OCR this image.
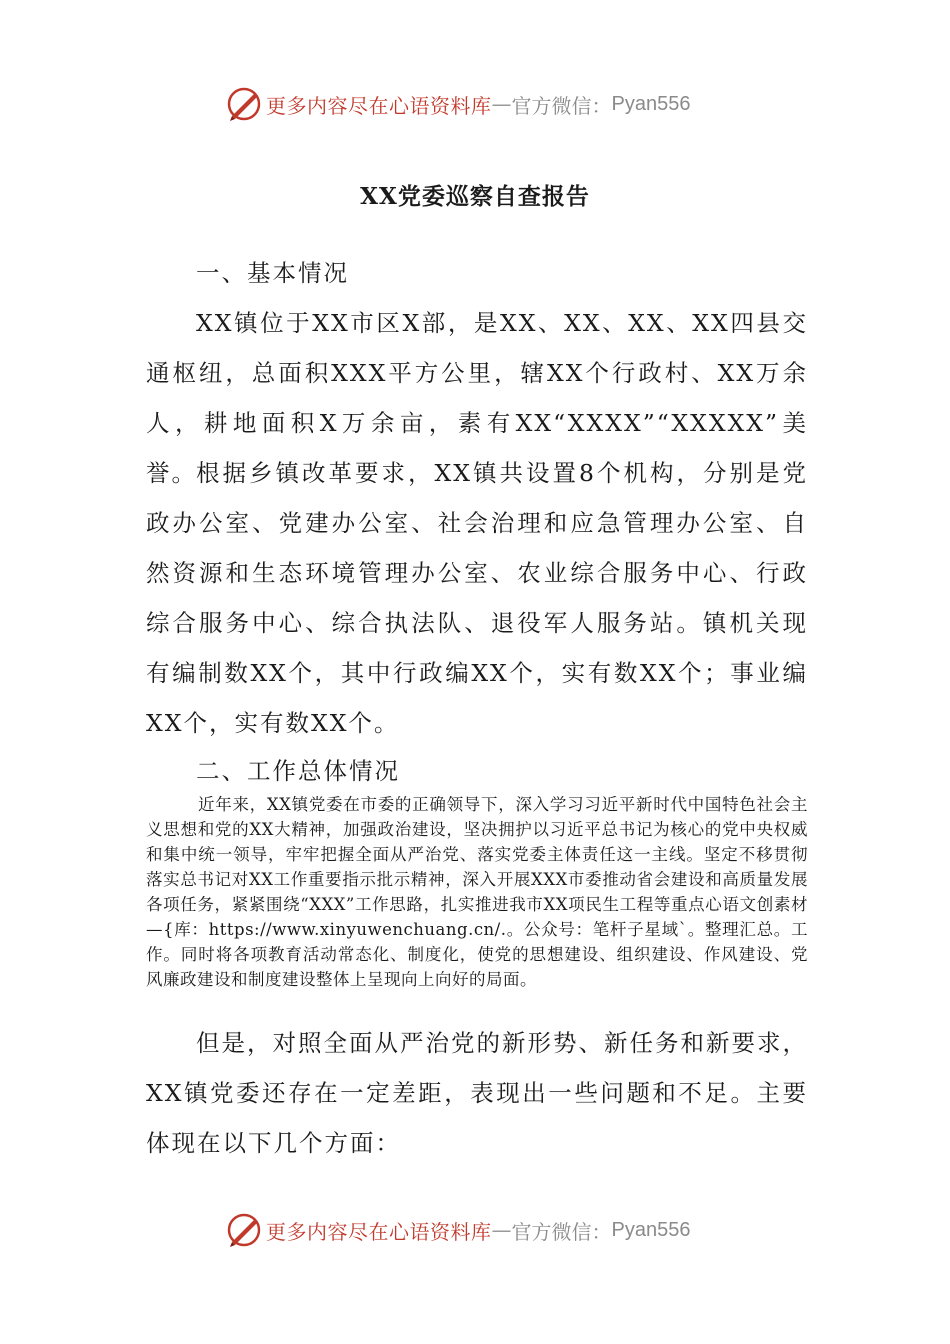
更多内容尽在心语资料库 — 官方微信： Pyan556
XX党委巡察自查报告
一、基本情况
XX镇位于XX市区X部，是XX、XX、XX、XX四县交通枢纽，总面积XXX平方公里，辖XX个行政村、XX万余人，耕地面积X万余亩，素有XX“XXXX”“XXXXX”美誉。 根据乡镇改革要求，XX镇共设置8个机构，分别是党政办公室、党建办公室、社会治理和应急管理办公室、自然资源和生态环境管理办公室、农业综合服务中心、行政综合服务中心、综合执法队、退役军人服务站。镇机关现有编制数XX个，其中行政编XX个，实有数XX个；事业编XX个，实有数XX个。
二、工作总体情况
近年来，XX镇党委在市委的正确领导下，深入学习习近平新时代中国特色社会主义思想和党的XX大精神，加强政治建设，坚决拥护以习近平总书记为核心的党中央权威和集中统一领导，牢牢把握全面从严治党、落实党委主体责任这一主线。坚定不移贯彻落实总书记对XX工作重要指示批示精神，深入开展XXX市委推动省会建设和高质量发展各项任务，紧紧围绕“XXX”工作思路，扎实推进我市XX项民生工程等重点心语文创素材—{库：https://www.xinyuwenchuang.cn/.。公众号：笔杆子星域`。整理汇总。工作。同时将各项教育活动常态化、制度化，使党的思想建设、组织建设、作风建设、党风廉政建设和制度建设整体上呈现向上向好的局面。
但是，对照全面从严治党的新形势、新任务和新要求，XX镇党委还存在一定差距，表现出一些问题和不足。主要体现在以下几个方面：
更多内容尽在心语资料库 — 官方微信： Pyan556
